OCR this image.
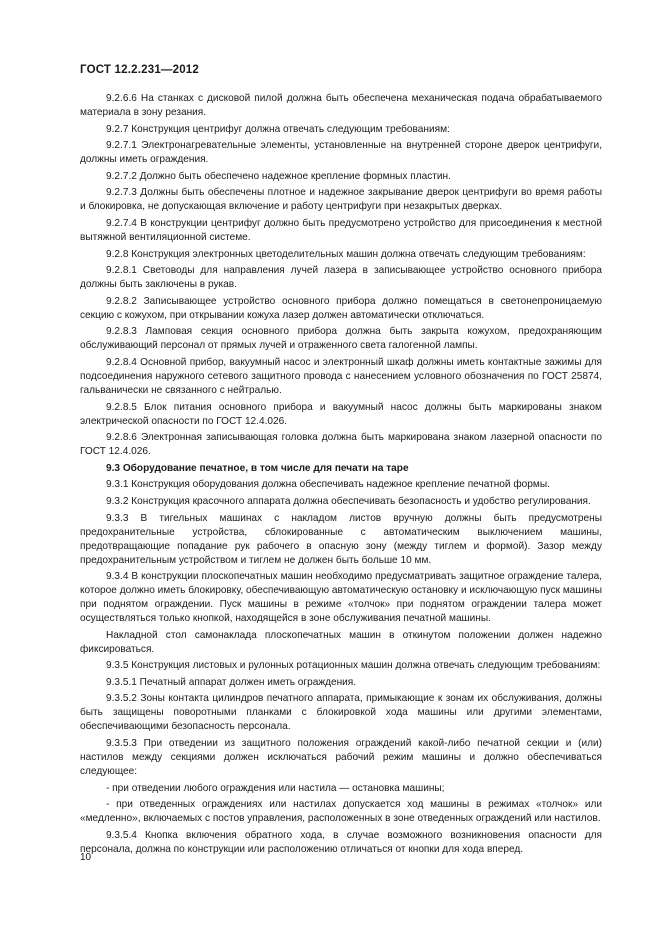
ГОСТ 12.2.231—2012

9.2.6.6 На станках с дисковой пилой должна быть обеспечена механическая подача обрабатываемого материала в зону резания.

9.2.7 Конструкция центрифуг должна отвечать следующим требованиям:

9.2.7.1 Электронагревательные элементы, установленные на внутренней стороне дверок центрифуги, должны иметь ограждения.

9.2.7.2 Должно быть обеспечено надежное крепление формных пластин.

9.2.7.3 Должны быть обеспечены плотное и надежное закрывание дверок центрифуги во время работы и блокировка, не допускающая включение и работу центрифуги при незакрытых дверках.

9.2.7.4 В конструкции центрифуг должно быть предусмотрено устройство для присоединения к местной вытяжной вентиляционной системе.

9.2.8 Конструкция электронных цветоделительных машин должна отвечать следующим требованиям:

9.2.8.1 Световоды для направления лучей лазера в записывающее устройство основного прибора должны быть заключены в рукав.

9.2.8.2 Записывающее устройство основного прибора должно помещаться в светонепроницаемую секцию с кожухом, при открывании кожуха лазер должен автоматически отключаться.

9.2.8.3 Ламповая секция основного прибора должна быть закрыта кожухом, предохраняющим обслуживающий персонал от прямых лучей и отраженного света галогенной лампы.

9.2.8.4 Основной прибор, вакуумный насос и электронный шкаф должны иметь контактные зажимы для подсоединения наружного сетевого защитного провода с нанесением условного обозначения по ГОСТ 25874, гальванически не связанного с нейтралью.

9.2.8.5 Блок питания основного прибора и вакуумный насос должны быть маркированы знаком электрической опасности по ГОСТ 12.4.026.

9.2.8.6 Электронная записывающая головка должна быть маркирована знаком лазерной опасности по ГОСТ 12.4.026.

9.3 Оборудование печатное, в том числе для печати на таре

9.3.1 Конструкция оборудования должна обеспечивать надежное крепление печатной формы.

9.3.2 Конструкция красочного аппарата должна обеспечивать безопасность и удобство регулирования.

9.3.3 В тигельных машинах с накладом листов вручную должны быть предусмотрены предохранительные устройства, сблокированные с автоматическим выключением машины, предотвращающие попадание рук рабочего в опасную зону (между тиглем и формой). Зазор между предохранительным устройством и тиглем не должен быть больше 10 мм.

9.3.4 В конструкции плоскопечатных машин необходимо предусматривать защитное ограждение талера, которое должно иметь блокировку, обеспечивающую автоматическую остановку и исключающую пуск машины при поднятом ограждении. Пуск машины в режиме «толчок» при поднятом ограждении талера может осуществляться только кнопкой, находящейся в зоне обслуживания печатной машины.

Накладной стол самонаклада плоскопечатных машин в откинутом положении должен надежно фиксироваться.

9.3.5 Конструкция листовых и рулонных ротационных машин должна отвечать следующим требованиям:

9.3.5.1 Печатный аппарат должен иметь ограждения.

9.3.5.2 Зоны контакта цилиндров печатного аппарата, примыкающие к зонам их обслуживания, должны быть защищены поворотными планками с блокировкой хода машины или другими элементами, обеспечивающими безопасность персонала.

9.3.5.3 При отведении из защитного положения ограждений какой-либо печатной секции и (или) настилов между секциями должен исключаться рабочий режим машины и должно обеспечиваться следующее:

- при отведении любого ограждения или настила — остановка машины;

- при отведенных ограждениях или настилах допускается ход машины в режимах «толчок» или «медленно», включаемых с постов управления, расположенных в зоне отведенных ограждений или настилов.

9.3.5.4 Кнопка включения обратного хода, в случае возможного возникновения опасности для персонала, должна по конструкции или расположению отличаться от кнопки для хода вперед.

10
